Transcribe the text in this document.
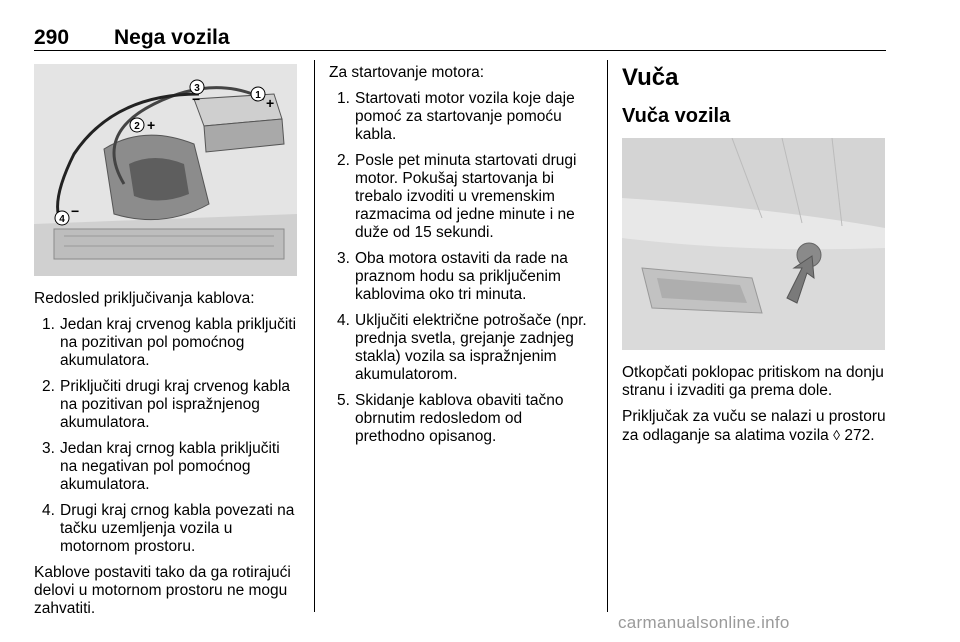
290 Nega vozila
1 +
2 +
3
−
4
−

Redosled priključivanja kablova:

1. Jedan kraj crvenog kabla priključiti na pozitivan pol pomoćnog akumulatora.
2. Priključiti drugi kraj crvenog kabla na pozitivan pol ispražnjenog akumulatora.
3. Jedan kraj crnog kabla priključiti na negativan pol pomoćnog akumulatora.
4. Drugi kraj crnog kabla povezati na tačku uzemljenja vozila u motornom prostoru.

Kablove postaviti tako da ga rotirajući delovi u motornom prostoru ne mogu zahvatiti.

Za startovanje motora:

1. Startovati motor vozila koje daje pomoć za startovanje pomoću kabla.
2. Posle pet minuta startovati drugi motor. Pokušaj startovanja bi trebalo izvoditi u vremenskim razmacima od jedne minute i ne duže od 15 sekundi.
3. Oba motora ostaviti da rade na praznom hodu sa priključenim kablovima oko tri minuta.
4. Uključiti električne potrošače (npr. prednja svetla, grejanje zadnjeg stakla) vozila sa ispražnjenim akumulatorom.
5. Skidanje kablova obaviti tačno obrnutim redosledom od prethodno opisanog.
Vuča
Vuča vozila

Otkopčati poklopac pritiskom na donju stranu i izvaditi ga prema dole.

Priključak za vuču se nalazi u prostoru za odlaganje sa alatima vozila ◊ 272.

carmanualsonline.info
